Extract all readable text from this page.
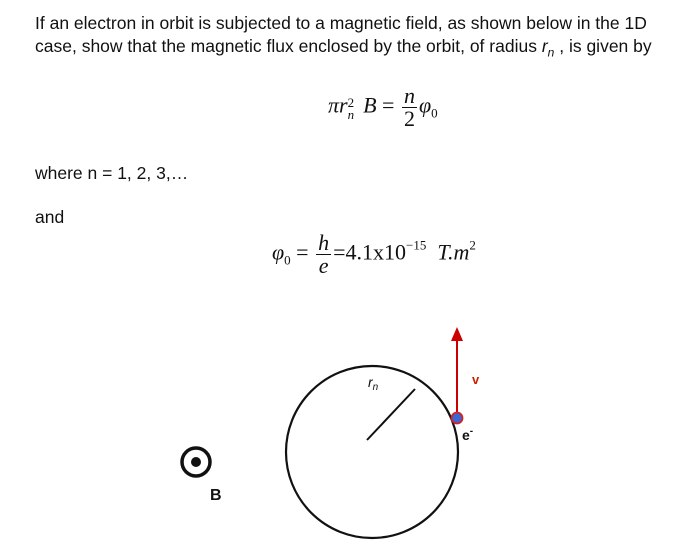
If an electron in orbit is subjected to a magnetic field, as shown below in the 1D case, show that the magnetic flux enclosed by the orbit, of radius $r_n$ , is given by

πr 2
n $B = \frac{n}{2} \varphi_0$

where n = 1, 2, 3,…

and

$\varphi_0 = \frac{h}{e} =4.1x10^{-15}$ $T.m^2$
B
$r_n$
v
e-
